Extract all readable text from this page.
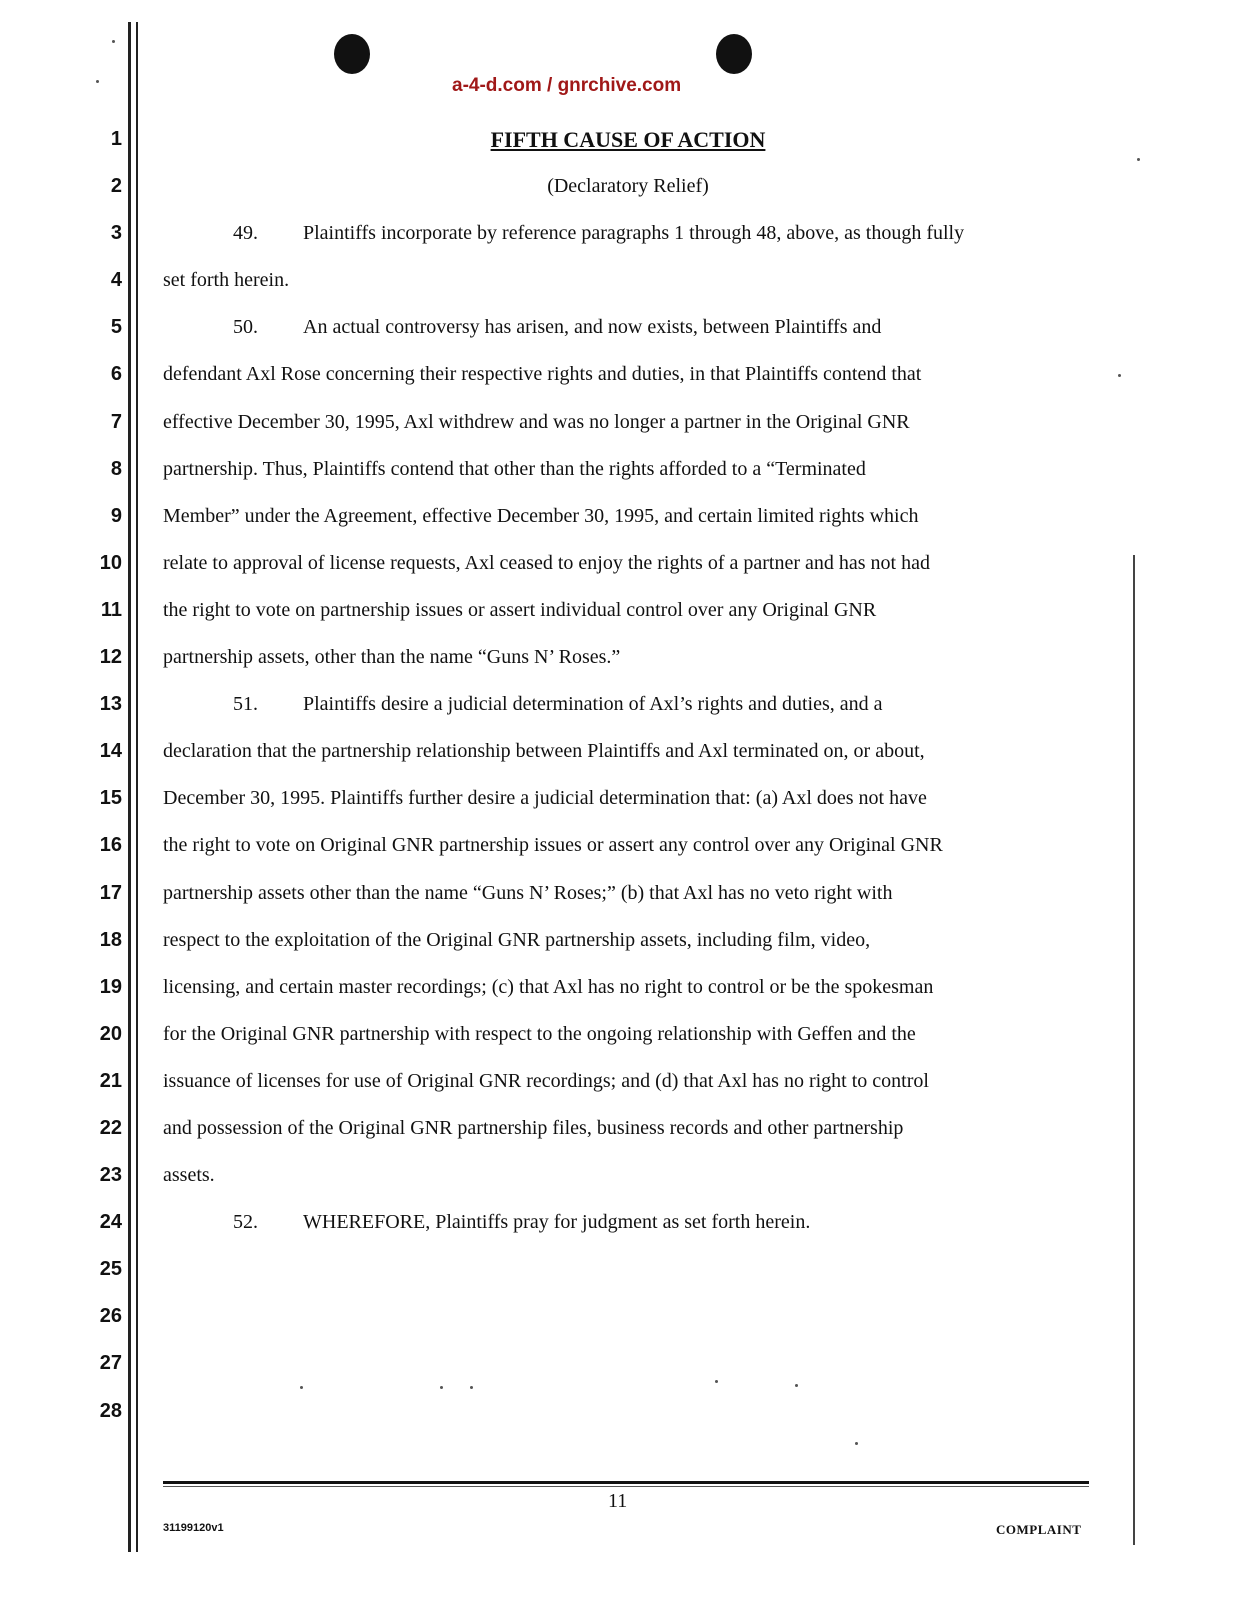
a-4-d.com / gnrchive.com
1
2
3
4
5
6
7
8
9
10
11
12
13
14
15
16
17
18
19
20
21
22
23
24
25
26
27
28
FIFTH CAUSE OF ACTION
(Declaratory Relief)
49. Plaintiffs incorporate by reference paragraphs 1 through 48, above, as though fully
set forth herein.
50. An actual controversy has arisen, and now exists, between Plaintiffs and
defendant Axl Rose concerning their respective rights and duties, in that Plaintiffs contend that
effective December 30, 1995, Axl withdrew and was no longer a partner in the Original GNR
partnership. Thus, Plaintiffs contend that other than the rights afforded to a “Terminated
Member” under the Agreement, effective December 30, 1995, and certain limited rights which
relate to approval of license requests, Axl ceased to enjoy the rights of a partner and has not had
the right to vote on partnership issues or assert individual control over any Original GNR
partnership assets, other than the name “Guns N’ Roses.”
51. Plaintiffs desire a judicial determination of Axl’s rights and duties, and a
declaration that the partnership relationship between Plaintiffs and Axl terminated on, or about,
December 30, 1995. Plaintiffs further desire a judicial determination that: (a) Axl does not have
the right to vote on Original GNR partnership issues or assert any control over any Original GNR
partnership assets other than the name “Guns N’ Roses;” (b) that Axl has no veto right with
respect to the exploitation of the Original GNR partnership assets, including film, video,
licensing, and certain master recordings; (c) that Axl has no right to control or be the spokesman
for the Original GNR partnership with respect to the ongoing relationship with Geffen and the
issuance of licenses for use of Original GNR recordings; and (d) that Axl has no right to control
and possession of the Original GNR partnership files, business records and other partnership
assets.
52. WHEREFORE, Plaintiffs pray for judgment as set forth herein.
31199120v1
11
COMPLAINT
